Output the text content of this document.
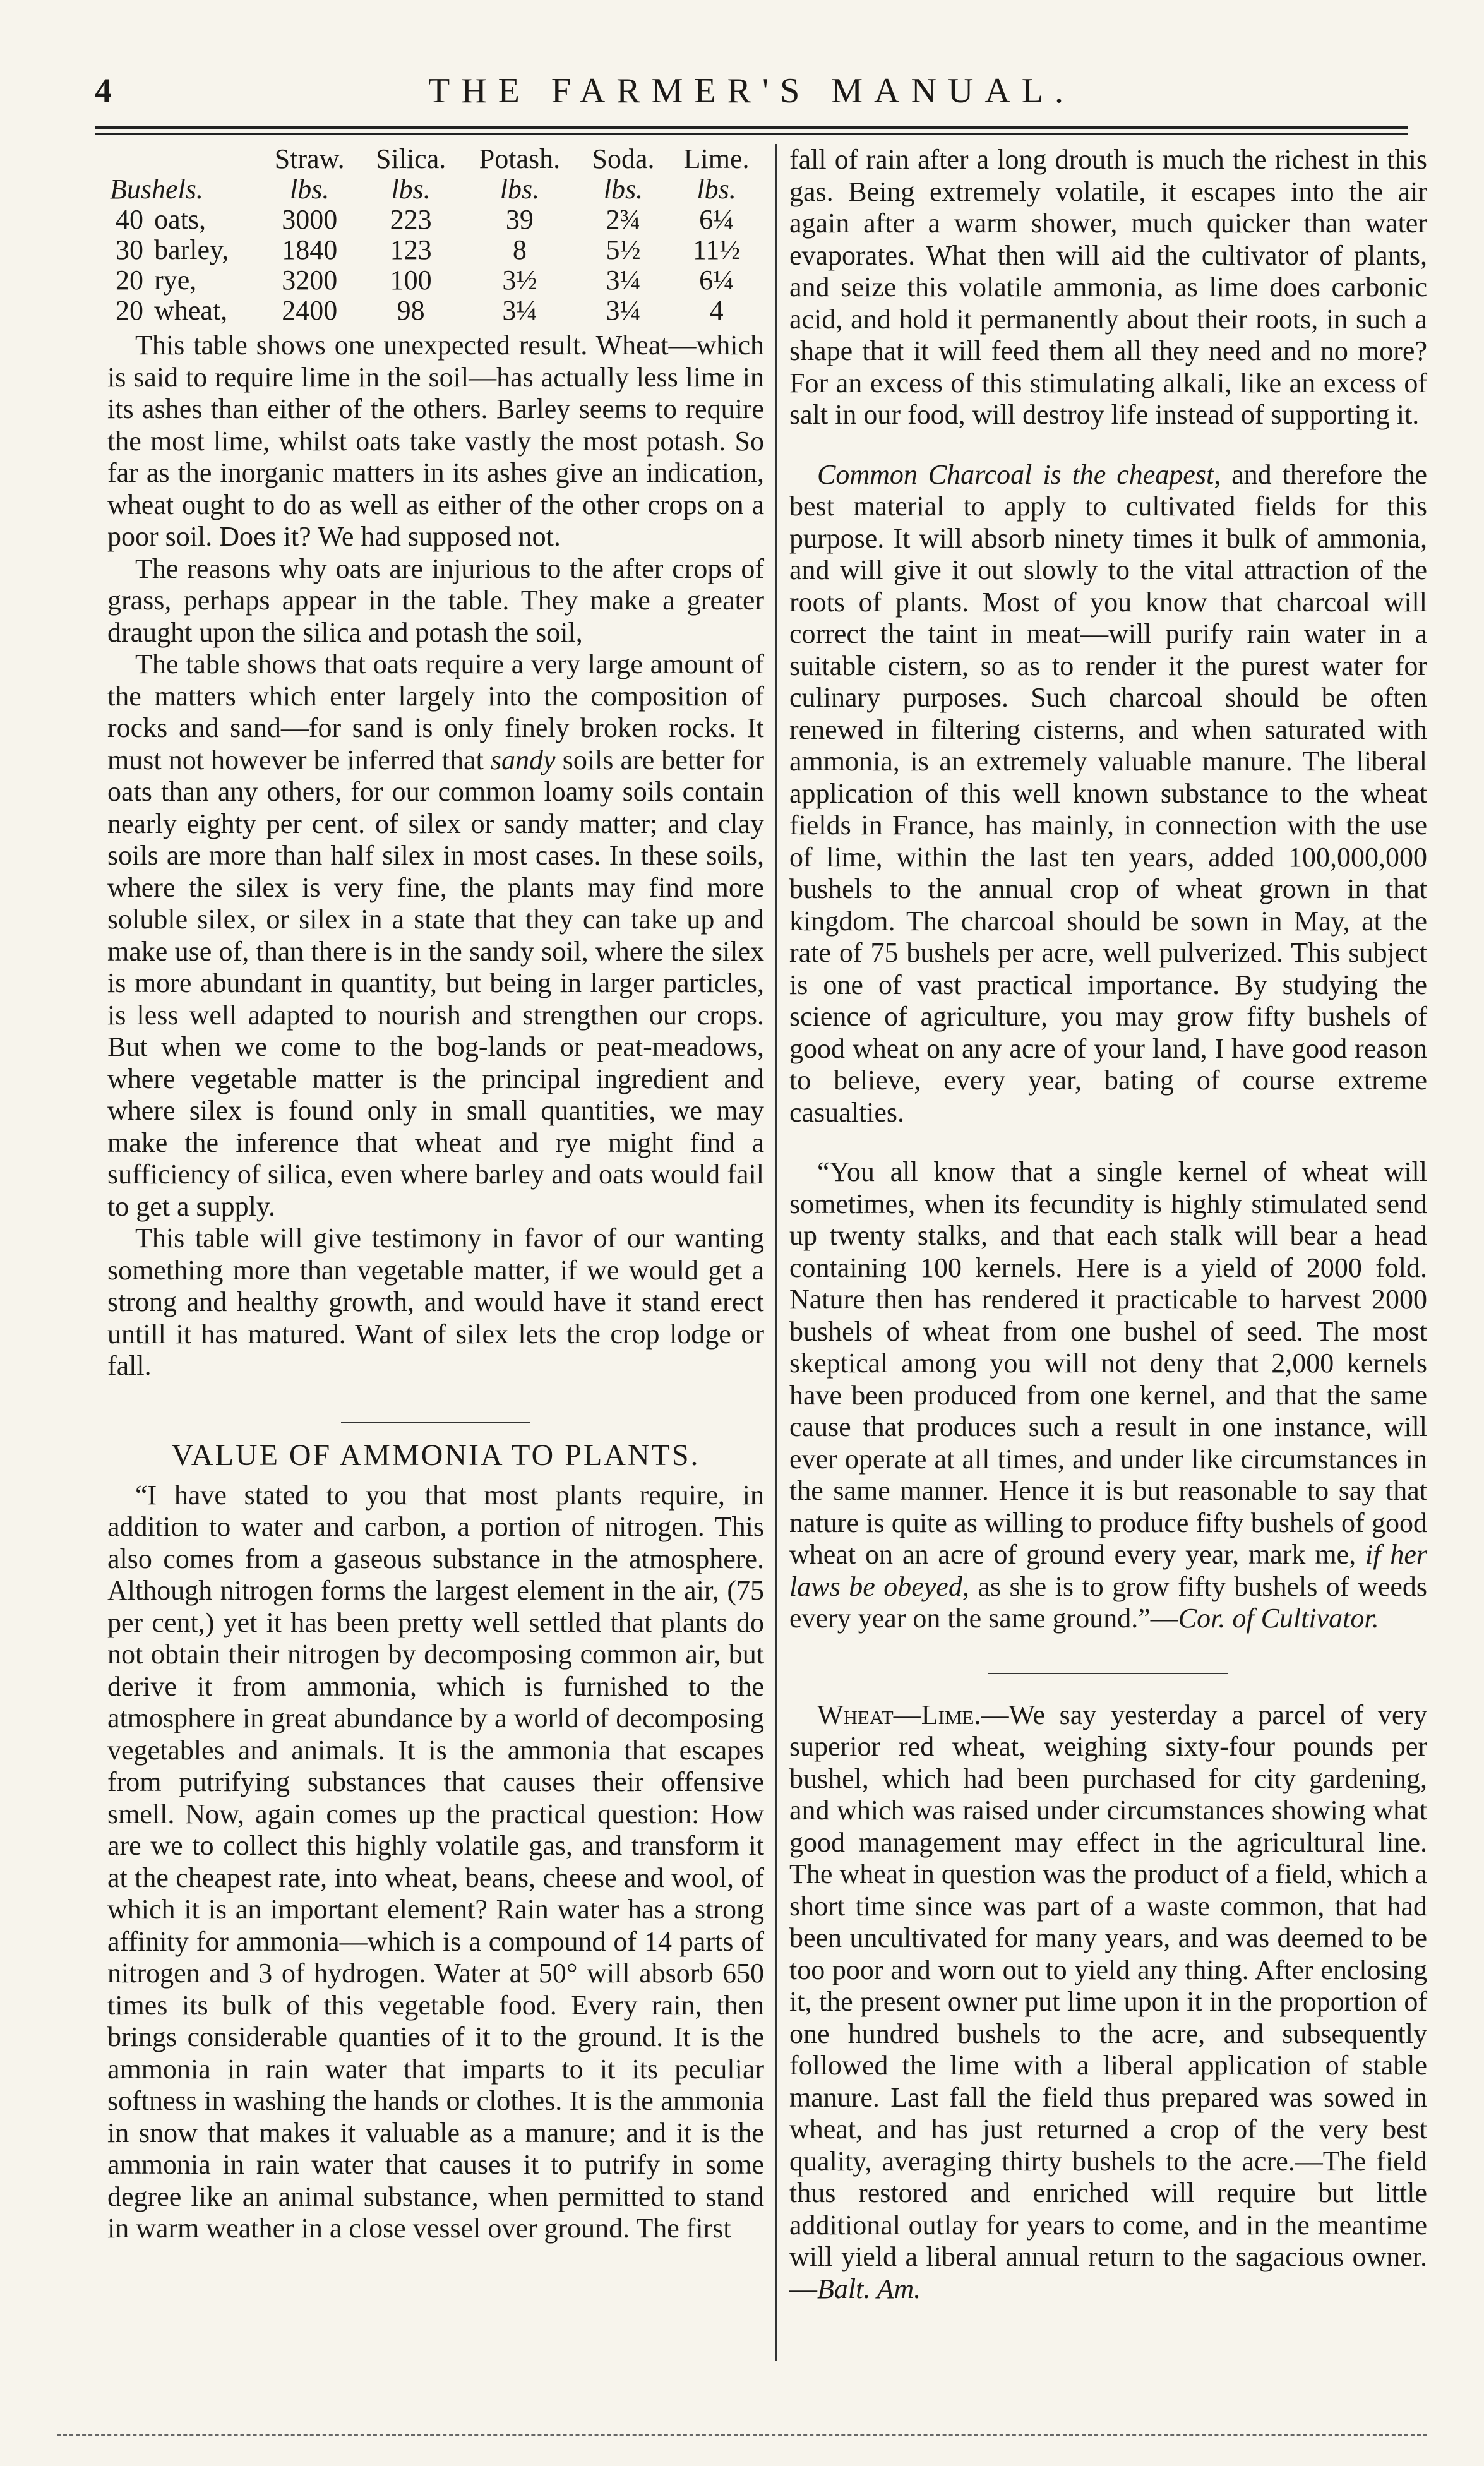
4	THE FARMER'S MANUAL.
		Straw.	Silica.	Potash.	Soda.	Lime.
Bushels.		lbs.	lbs.	lbs.	lbs.	lbs.
40	oats,	3000	223	39	2¾	6¼
30	barley,	1840	123	8	5½	11½
20	rye,	3200	100	3½	3¼	6¼
20	wheat,	2400	98	3¼	3¼	4

This table shows one unexpected result. Wheat—which is said to require lime in the soil—has actually less lime in its ashes than either of the others. Barley seems to require the most lime, whilst oats take vastly the most potash. So far as the inorganic matters in its ashes give an indication, wheat ought to do as well as either of the other crops on a poor soil. Does it? We had supposed not.

The reasons why oats are injurious to the after crops of grass, perhaps appear in the table. They make a greater draught upon the silica and potash the soil,

The table shows that oats require a very large amount of the matters which enter largely into the composition of rocks and sand—for sand is only finely broken rocks. It must not however be inferred that sandy soils are better for oats than any others, for our common loamy soils contain nearly eighty per cent. of silex or sandy matter; and clay soils are more than half silex in most cases. In these soils, where the silex is very fine, the plants may find more soluble silex, or silex in a state that they can take up and make use of, than there is in the sandy soil, where the silex is more abundant in quantity, but being in larger particles, is less well adapted to nourish and strengthen our crops. But when we come to the bog-lands or peat-meadows, where vegetable matter is the principal ingredient and where silex is found only in small quantities, we may make the inference that wheat and rye might find a sufficiency of silica, even where barley and oats would fail to get a supply.

This table will give testimony in favor of our wanting something more than vegetable matter, if we would get a strong and healthy growth, and would have it stand erect untill it has matured. Want of silex lets the crop lodge or fall.

VALUE OF AMMONIA TO PLANTS.

“I have stated to you that most plants require, in addition to water and carbon, a portion of nitrogen. This also comes from a gaseous substance in the atmosphere. Although nitrogen forms the largest element in the air, (75 per cent,) yet it has been pretty well settled that plants do not obtain their nitrogen by decomposing common air, but derive it from ammonia, which is furnished to the atmosphere in great abundance by a world of decomposing vegetables and animals. It is the ammonia that escapes from putrifying substances that causes their offensive smell. Now, again comes up the practical question: How are we to collect this highly volatile gas, and transform it at the cheapest rate, into wheat, beans, cheese and wool, of which it is an important element? Rain water has a strong affinity for ammonia—which is a compound of 14 parts of nitrogen and 3 of hydrogen. Water at 50° will absorb 650 times its bulk of this vegetable food. Every rain, then brings considerable quanties of it to the ground. It is the ammonia in rain water that imparts to it its peculiar softness in washing the hands or clothes. It is the ammonia in snow that makes it valuable as a manure; and it is the ammonia in rain water that causes it to putrify in some degree like an animal substance, when permitted to stand in warm weather in a close vessel over ground. The first

fall of rain after a long drouth is much the richest in this gas. Being extremely volatile, it escapes into the air again after a warm shower, much quicker than water evaporates. What then will aid the cultivator of plants, and seize this volatile ammonia, as lime does carbonic acid, and hold it permanently about their roots, in such a shape that it will feed them all they need and no more? For an excess of this stimulating alkali, like an excess of salt in our food, will destroy life instead of supporting it.

Common Charcoal is the cheapest, and therefore the best material to apply to cultivated fields for this purpose. It will absorb ninety times it bulk of ammonia, and will give it out slowly to the vital attraction of the roots of plants. Most of you know that charcoal will correct the taint in meat—will purify rain water in a suitable cistern, so as to render it the purest water for culinary purposes. Such charcoal should be often renewed in filtering cisterns, and when saturated with ammonia, is an extremely valuable manure. The liberal application of this well known substance to the wheat fields in France, has mainly, in connection with the use of lime, within the last ten years, added 100,000,000 bushels to the annual crop of wheat grown in that kingdom. The charcoal should be sown in May, at the rate of 75 bushels per acre, well pulverized. This subject is one of vast practical importance. By studying the science of agriculture, you may grow fifty bushels of good wheat on any acre of your land, I have good reason to believe, every year, bating of course extreme casualties.

“You all know that a single kernel of wheat will sometimes, when its fecundity is highly stimulated send up twenty stalks, and that each stalk will bear a head containing 100 kernels. Here is a yield of 2000 fold. Nature then has rendered it practicable to harvest 2000 bushels of wheat from one bushel of seed. The most skeptical among you will not deny that 2,000 kernels have been produced from one kernel, and that the same cause that produces such a result in one instance, will ever operate at all times, and under like circumstances in the same manner. Hence it is but reasonable to say that nature is quite as willing to produce fifty bushels of good wheat on an acre of ground every year, mark me, if her laws be obeyed, as she is to grow fifty bushels of weeds every year on the same ground.”—Cor. of Cultivator.

Wheat—Lime.—We say yesterday a parcel of very superior red wheat, weighing sixty-four pounds per bushel, which had been purchased for city gardening, and which was raised under circumstances showing what good management may effect in the agricultural line. The wheat in question was the product of a field, which a short time since was part of a waste common, that had been uncultivated for many years, and was deemed to be too poor and worn out to yield any thing. After enclosing it, the present owner put lime upon it in the proportion of one hundred bushels to the acre, and subsequently followed the lime with a liberal application of stable manure. Last fall the field thus prepared was sowed in wheat, and has just returned a crop of the very best quality, averaging thirty bushels to the acre.—The field thus restored and enriched will require but little additional outlay for years to come, and in the meantime will yield a liberal annual return to the sagacious owner.—Balt. Am.
